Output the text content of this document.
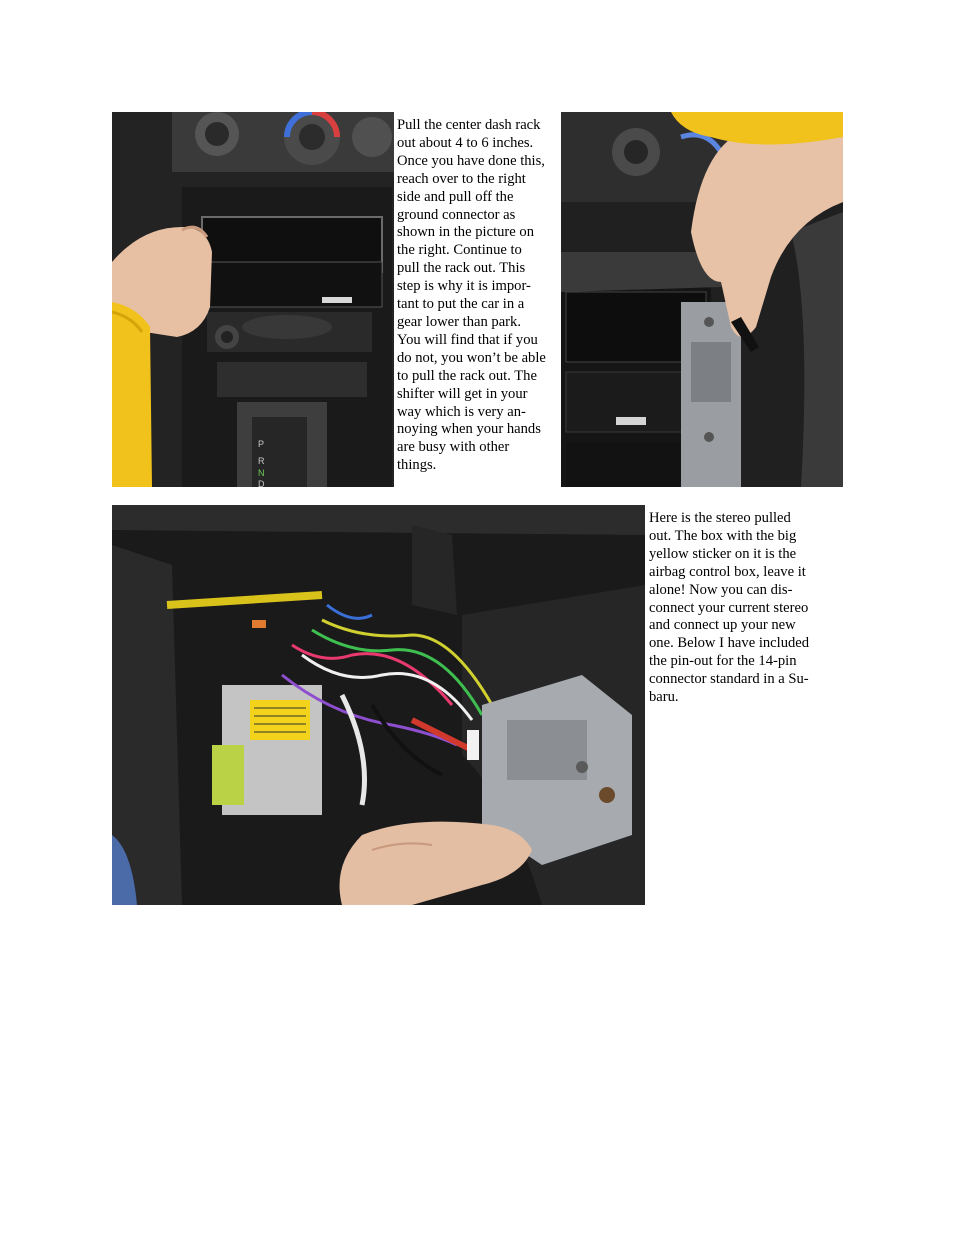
P
R
N
D
Pull the center dash rack
out about 4 to 6 inches.
Once you have done this,
reach over to the right
side and pull off the
ground connector as
shown in the picture on
the right. Continue to
pull the rack out. This
step is why it is impor-
tant to put the car in a
gear lower than park.
You will find that if you
do not, you won’t be able
to pull the rack out. The
shifter will get in your
way which is very an-
noying when your hands
are busy with other
things.
Here is the stereo pulled
out. The box with the big
yellow sticker on it is the
airbag control box, leave it
alone! Now you can dis-
connect your current stereo
and connect up your new
one. Below I have included
the pin-out for the 14-pin
connector standard in a Su-
baru.
